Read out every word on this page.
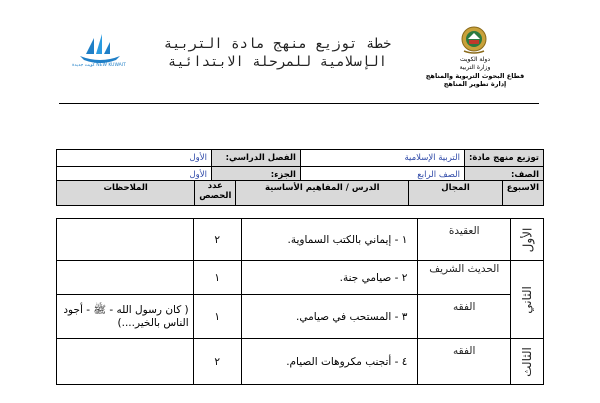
دولة الكويت
وزارة التربية
قطاع البحوث التربوية والمناهج
إدارة تطوير المناهج
خطة توزيع منهج مادة التربية
الإسلامية للمرحلة الابتدائية
كويت جديدة NEW KUWAIT
توزيع منهج مادة:	التربية الإسلامية	الفصل الدراسي:	الأول
الصف:	الصف الرابع	الجزء:	الأول
الاسبوع	المجال	الدرس / المفاهيم الأساسية	عدد الحصص	الملاحظات
الأول	العقيدة	١ - إيماني بالكتب السماوية.	٢	
الثاني	الحديث الشريف	٢ - صيامي جنة.	١	
	الفقه	٣ - المستحب في صيامي.	١	( كان رسول الله - ﷺ - أجود الناس بالخير....)
الثالث	الفقه	٤ - أتجنب مكروهات الصيام.	٢	
